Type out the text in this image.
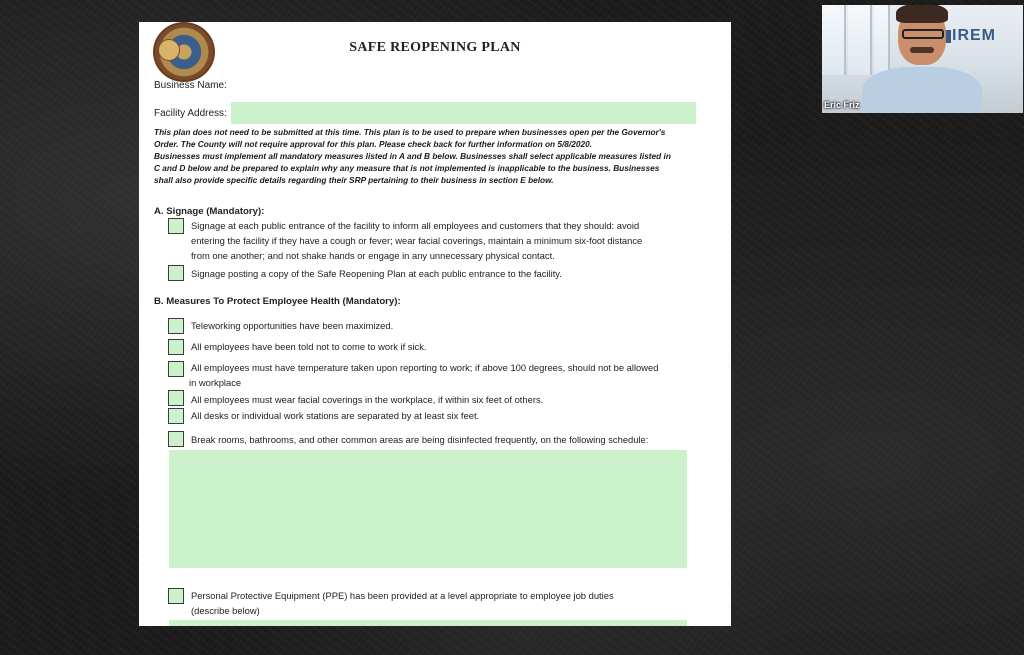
SAFE REOPENING PLAN
Business Name:
Facility Address:
This plan does not need to be submitted at this time. This plan is to be used to prepare when businesses open per the Governor's
Order. The County will not require approval for this plan. Please check back for further information on 5/8/2020.
Businesses must implement all mandatory measures listed in A and B below. Businesses shall select applicable measures listed in
C and D below and be prepared to explain why any measure that is not implemented is inapplicable to the business. Businesses
shall also provide specific details regarding their SRP pertaining to their business in section E below.
A. Signage (Mandatory):
Signage at each public entrance of the facility to inform all employees and customers that they should: avoid
entering the facility if they have a cough or fever; wear facial coverings, maintain a minimum six-foot distance
from one another; and not shake hands or engage in any unnecessary physical contact.
Signage posting a copy of the Safe Reopening Plan at each public entrance to the facility.
B. Measures To Protect Employee Health (Mandatory):
Teleworking opportunities have been maximized.
All employees have been told not to come to work if sick.
All employees must have temperature taken upon reporting to work; if above 100 degrees, should not be allowed
in workplace
All employees must wear facial coverings in the workplace, if within six feet of others.
All desks or individual work stations are separated by at least six feet.
Break rooms, bathrooms, and other common areas are being disinfected frequently, on the following schedule:
Personal Protective Equipment (PPE) has been provided at a level appropriate to employee job duties
(describe below)
IREM
Eric Friz
